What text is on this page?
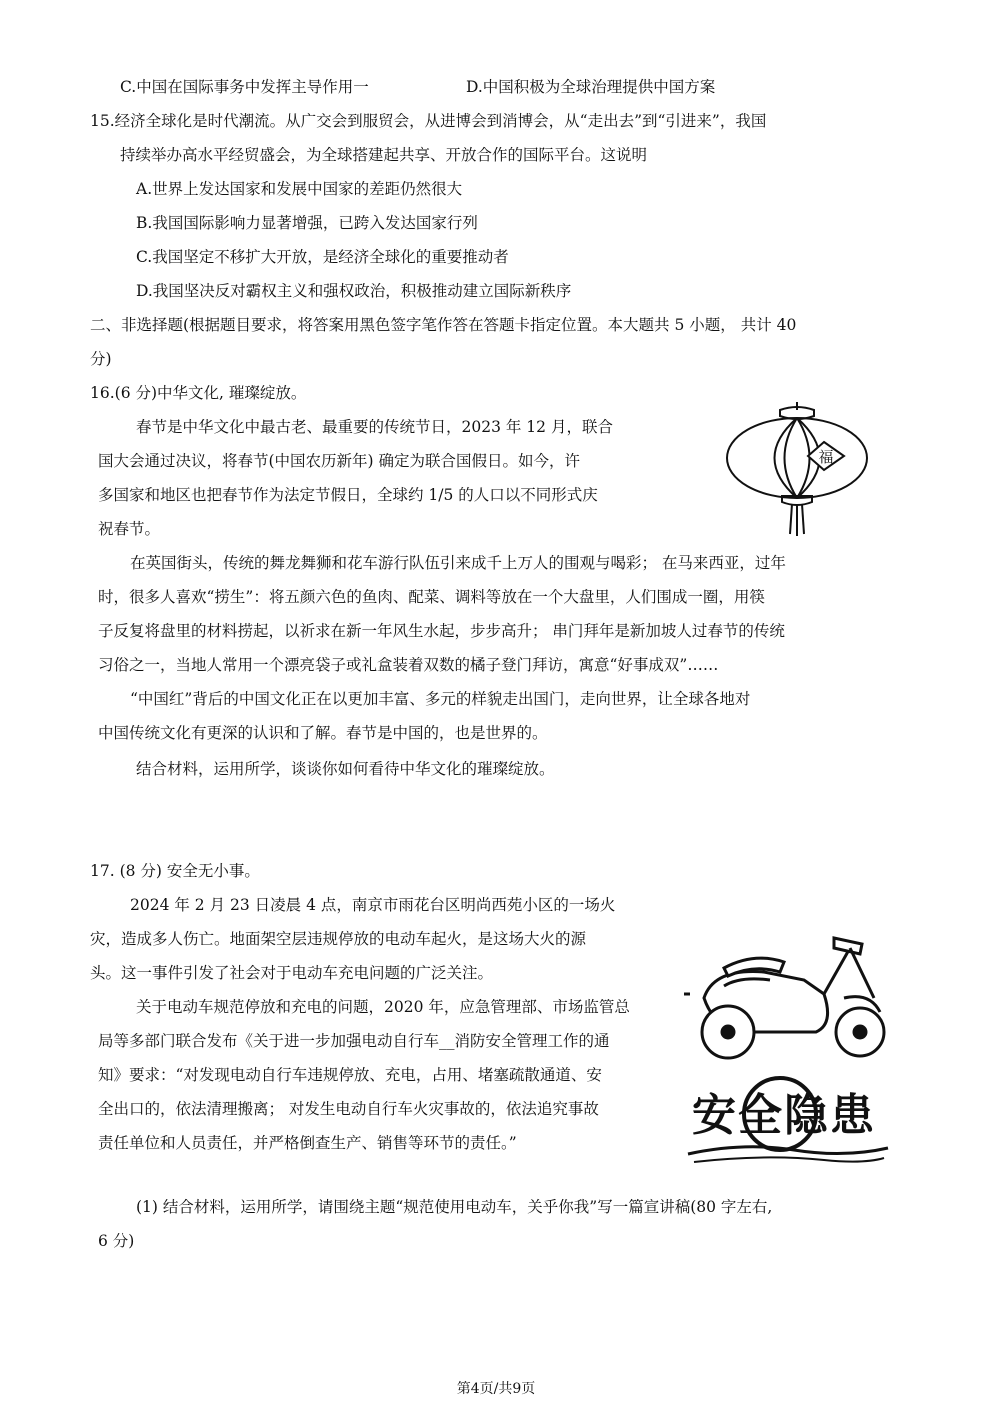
C.中国在国际事务中发挥主导作用一	D.中国积极为全球治理提供中国方案
15.经济全球化是时代潮流。从广交会到服贸会，从进博会到消博会，从“走出去”到“引进来”，我国
持续举办高水平经贸盛会，为全球搭建起共享、开放合作的国际平台。这说明
A.世界上发达国家和发展中国家的差距仍然很大
B.我国国际影响力显著增强，已跨入发达国家行列
C.我国坚定不移扩大开放，是经济全球化的重要推动者
D.我国坚决反对霸权主义和强权政治，积极推动建立国际新秩序
二、非选择题(根据题目要求，将答案用黑色签字笔作答在答题卡指定位置。本大题共 5 小题， 共计 40
分)
16.(6 分)中华文化, 璀璨绽放。
春节是中华文化中最古老、最重要的传统节日，2023 年 12 月，联合
国大会通过决议，将春节(中国农历新年) 确定为联合国假日。如今，许
多国家和地区也把春节作为法定节假日，全球约 1/5 的人口以不同形式庆
祝春节。
福
在英国街头，传统的舞龙舞狮和花车游行队伍引来成千上万人的围观与喝彩； 在马来西亚，过年
时，很多人喜欢“捞生”：将五颜六色的鱼肉、配菜、调料等放在一个大盘里，人们围成一圈，用筷
子反复将盘里的材料捞起，以祈求在新一年风生水起，步步高升； 串门拜年是新加坡人过春节的传统
习俗之一，当地人常用一个漂亮袋子或礼盒装着双数的橘子登门拜访，寓意“好事成双”……
“中国红”背后的中国文化正在以更加丰富、多元的样貌走出国门，走向世界，让全球各地对
中国传统文化有更深的认识和了解。春节是中国的，也是世界的。
结合材料，运用所学，谈谈你如何看待中华文化的璀璨绽放。
17. (8 分) 安全无小事。
2024 年 2 月 23 日凌晨 4 点，南京市雨花台区明尚西苑小区的一场火
灾，造成多人伤亡。地面架空层违规停放的电动车起火，是这场大火的源
头。这一事件引发了社会对于电动车充电问题的广泛关注。
关于电动车规范停放和充电的问题，2020 年，应急管理部、市场监管总
局等多部门联合发布《关于进一步加强电动自行车__消防安全管理工作的通
知》要求：“对发现电动自行车违规停放、充电，占用、堵塞疏散通道、安
全出口的，依法清理搬离； 对发生电动自行车火灾事故的，依法追究事故
责任单位和人员责任，并严格倒查生产、销售等环节的责任。”
安全隐患
(1) 结合材料，运用所学，请围绕主题“规范使用电动车，关乎你我”写一篇宣讲稿(80 字左右,
6 分)
第4页/共9页
